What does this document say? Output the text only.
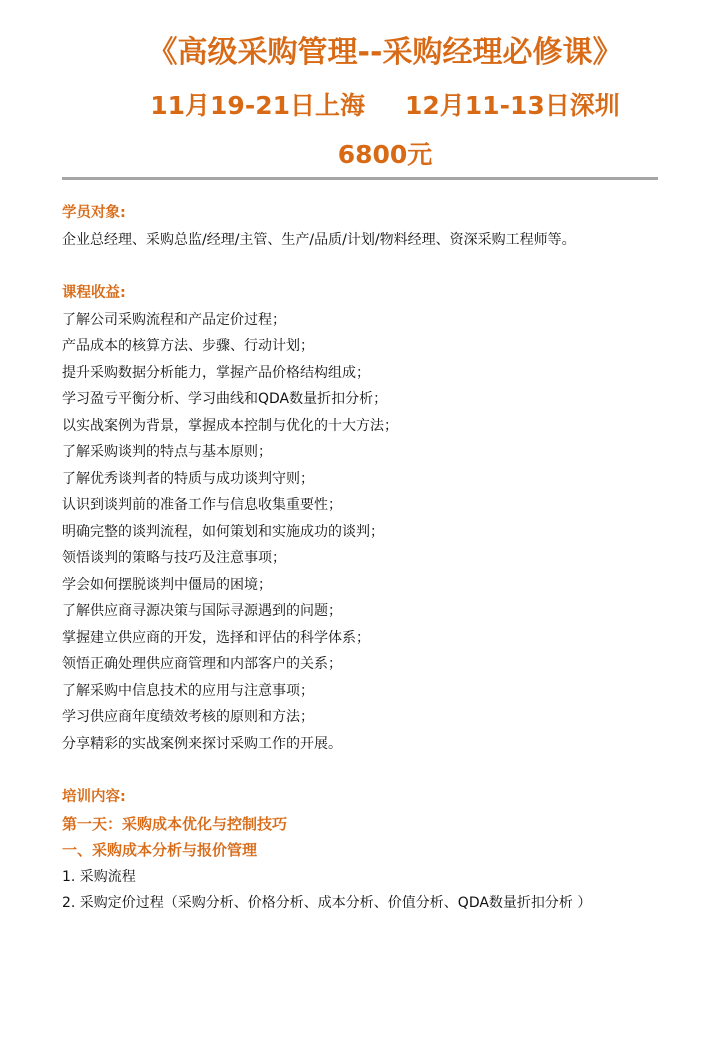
《高级采购管理--采购经理必修课》
11月19-21日上海 12月11-13日深圳
6800元
学员对象:
企业总经理、采购总监/经理/主管、生产/品质/计划/物料经理、资深采购工程师等。
课程收益:
了解公司采购流程和产品定价过程；
产品成本的核算方法、步骤、行动计划；
提升采购数据分析能力，掌握产品价格结构组成；
学习盈亏平衡分析、学习曲线和QDA数量折扣分析；
以实战案例为背景，掌握成本控制与优化的十大方法；
了解采购谈判的特点与基本原则；
了解优秀谈判者的特质与成功谈判守则；
认识到谈判前的准备工作与信息收集重要性；
明确完整的谈判流程，如何策划和实施成功的谈判；
领悟谈判的策略与技巧及注意事项；
学会如何摆脱谈判中僵局的困境；
了解供应商寻源决策与国际寻源遇到的问题；
掌握建立供应商的开发，选择和评估的科学体系；
领悟正确处理供应商管理和内部客户的关系；
了解采购中信息技术的应用与注意事项；
学习供应商年度绩效考核的原则和方法；
分享精彩的实战案例来探讨采购工作的开展。
培训内容:
第一天：采购成本优化与控制技巧
一、采购成本分析与报价管理
1. 采购流程
2. 采购定价过程（采购分析、价格分析、成本分析、价值分析、QDA数量折扣分析 ）
